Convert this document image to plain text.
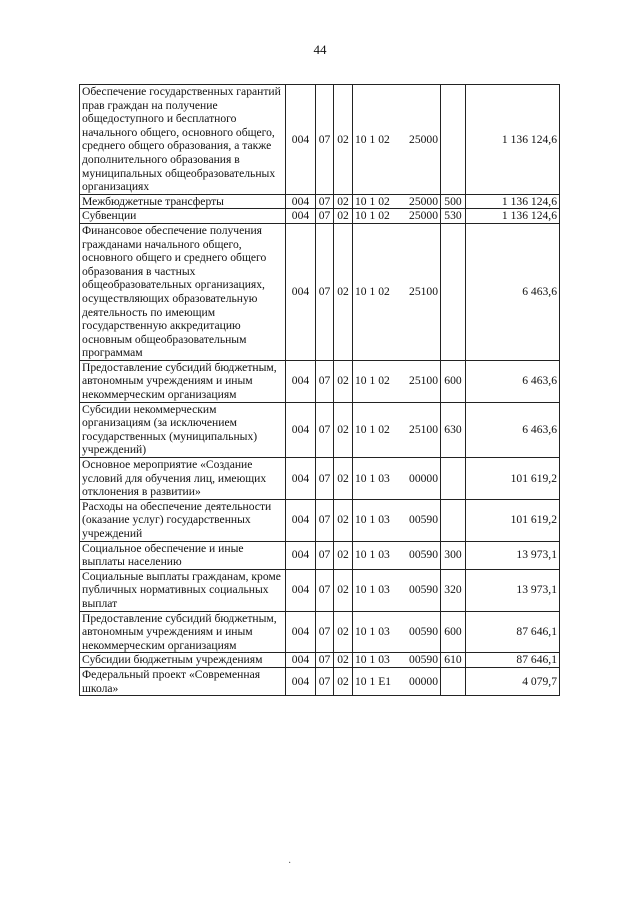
44
Обеспечение государственных гарантий прав граждан на получение общедоступного и бесплатного начального общего, основного общего, среднего общего образования, а также дополнительного образования в муниципальных общеобразовательных организациях	004	07	02	10 1 02	25000		1 136 124,6
Межбюджетные трансферты	004	07	02	10 1 02	25000	500	1 136 124,6
Субвенции	004	07	02	10 1 02	25000	530	1 136 124,6
Финансовое обеспечение получения гражданами начального общего, основного общего и среднего общего образования в частных общеобразовательных организациях, осуществляющих образовательную деятельность по имеющим государственную аккредитацию основным общеобразовательным программам	004	07	02	10 1 02	25100		6 463,6
Предоставление субсидий бюджетным, автономным учреждениям и иным некоммерческим организациям	004	07	02	10 1 02	25100	600	6 463,6
Субсидии некоммерческим организациям (за исключением государственных (муниципальных) учреждений)	004	07	02	10 1 02	25100	630	6 463,6
Основное мероприятие «Создание условий для обучения лиц, имеющих отклонения в развитии»	004	07	02	10 1 03	00000		101 619,2
Расходы на обеспечение деятельности (оказание услуг) государственных учреждений	004	07	02	10 1 03	00590		101 619,2
Социальное обеспечение и иные выплаты населению	004	07	02	10 1 03	00590	300	13 973,1
Социальные выплаты гражданам, кроме публичных нормативных социальных выплат	004	07	02	10 1 03	00590	320	13 973,1
Предоставление субсидий бюджетным, автономным учреждениям и иным некоммерческим организациям	004	07	02	10 1 03	00590	600	87 646,1
Субсидии бюджетным учреждениям	004	07	02	10 1 03	00590	610	87 646,1
Федеральный проект «Современная школа»	004	07	02	10 1 E1	00000		4 079,7
·
